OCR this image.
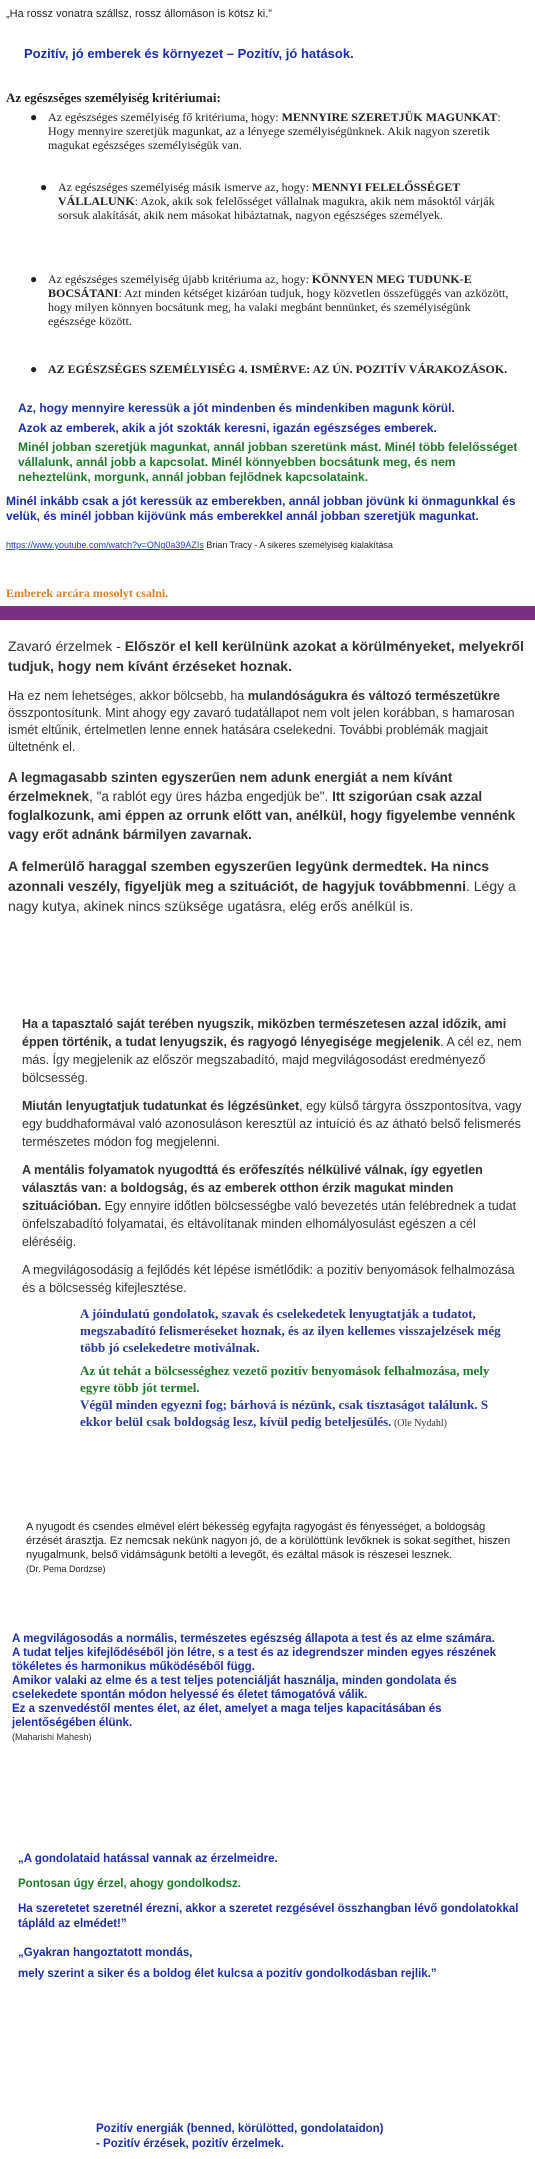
„Ha rossz vonatra szállsz, rossz állomáson is kötsz ki.”
Pozitív, jó emberek és környezet – Pozitív, jó hatások.
Az egészséges személyiség kritériumai:
● Az egészséges személyiség fő kritériuma, hogy: MENNYIRE SZERETJÜK MAGUNKAT: Hogy mennyire szeretjük magunkat, az a lényege személyiségünknek. Akik nagyon szeretik magukat egészséges személyiségük van.
● Az egészséges személyiség másik ismerve az, hogy: MENNYI FELELŐSSÉGET VÁLLALUNK: Azok, akik sok felelősséget vállalnak magukra, akik nem másoktól várják sorsuk alakítását, akik nem másokat hibáztatnak, nagyon egészséges személyek.
● Az egészséges személyiség újabb kritériuma az, hogy: KÖNNYEN MEG TUDUNK-E BOCSÁTANI: Azt minden kétséget kizáróan tudjuk, hogy közvetlen összefüggés van azközött, hogy milyen könnyen bocsátunk meg, ha valaki megbánt bennünket, és személyiségünk egészsége között.
● AZ EGÉSZSÉGES SZEMÉLYISÉG 4. ISMÉRVE: AZ ÚN. POZITÍV VÁRAKOZÁSOK.

Az, hogy mennyire keressük a jót mindenben és mindenkiben magunk körül.

Azok az emberek, akik a jót szokták keresni, igazán egészséges emberek.

Minél jobban szeretjük magunkat, annál jobban szeretünk mást. Minél több felelősséget vállalunk, annál jobb a kapcsolat. Minél könnyebben bocsátunk meg, és nem neheztelünk, morgunk, annál jobban fejlődnek kapcsolataink.
Minél inkább csak a jót keressük az emberekben, annál jobban jövünk ki önmagunkkal és velük, és minél jobban kijövünk más emberekkel annál jobban szeretjük magunkat.
https://www.youtube.com/watch?v=ONg0a39AZIs Brian Tracy - A sikeres személyiség kialakítása
Emberek arcára mosolyt csalni.

Zavaró érzelmek - Először el kell kerülnünk azokat a körülményeket, melyekről tudjuk, hogy nem kívánt érzéseket hoznak.

Ha ez nem lehetséges, akkor bölcsebb, ha mulandóságukra és változó természetükre összpontosítunk. Mint ahogy egy zavaró tudatállapot nem volt jelen korábban, s hamarosan ismét eltűnik, értelmetlen lenne ennek hatására cselekedni. További problémák magjait ültetnénk el.

A legmagasabb szinten egyszerűen nem adunk energiát a nem kívánt érzelmeknek, "a rablót egy üres házba engedjük be". Itt szigorúan csak azzal foglalkozunk, ami éppen az orrunk előtt van, anélkül, hogy figyelembe vennénk vagy erőt adnánk bármilyen zavarnak.

A felmerülő haraggal szemben egyszerűen legyünk dermedtek. Ha nincs azonnali veszély, figyeljük meg a szituációt, de hagyjuk továbbmenni. Légy a nagy kutya, akinek nincs szüksége ugatásra, elég erős anélkül is.

Ha a tapasztaló saját terében nyugszik, miközben természetesen azzal időzik, ami éppen történik, a tudat lenyugszik, és ragyogó lényegisége megjelenik. A cél ez, nem más. Így megjelenik az először megszabadító, majd megvilágosodást eredményező bölcsesség.

Miután lenyugtatjuk tudatunkat és légzésünket, egy külső tárgyra összpontosítva, vagy egy buddhaformával való azonosuláson keresztül az intuíció és az átható belső felismerés természetes módon fog megjelenni.

A mentális folyamatok nyugodttá és erőfeszítés nélkülivé válnak, így egyetlen választás van: a boldogság, és az emberek otthon érzik magukat minden szituációban. Egy ennyire időtlen bölcsességbe való bevezetés után felébrednek a tudat önfelszabadító folyamatai, és eltávolítanak minden elhomályosulást egészen a cél eléréséig.

A megvilágosodásig a fejlődés két lépése ismétlődik: a pozitív benyomások felhalmozása és a bölcsesség kifejlesztése.

A jóindulatú gondolatok, szavak és cselekedetek lenyugtatják a tudatot, megszabadító felismeréseket hoznak, és az ilyen kellemes visszajelzések még több jó cselekedetre motiválnak.

Az út tehát a bölcsességhez vezető pozitív benyomások felhalmozása, mely egyre több jót termel.

Végül minden egyezni fog; bárhová is nézünk, csak tisztaságot találunk. S ekkor belül csak boldogság lesz, kívül pedig beteljesülés. (Ole Nydahl)

A nyugodt és csendes elmével elért békesség egyfajta ragyogást és fényességet, a boldogság érzését árasztja. Ez nemcsak nekünk nagyon jó, de a körülöttünk levőknek is sokat segíthet, hiszen nyugalmunk, belső vidámságunk betölti a levegőt, és ezáltal mások is részesei lesznek.

(Dr. Pema Dordzse)

A megvilágosodás a normális, természetes egészség állapota a test és az elme számára.
A tudat teljes kifejlődéséből jön létre, s a test és az idegrendszer minden egyes részének tökéletes és harmonikus működéséből függ.
Amikor valaki az elme és a test teljes potenciálját használja, minden gondolata és cselekedete spontán módon helyessé és életet támogatóvá válik.
Ez a szenvedéstől mentes élet, az élet, amelyet a maga teljes kapacitásában és jelentőségében élünk.

(Maharishi Mahesh)

„A gondolataid hatással vannak az érzelmeidre.

Pontosan úgy érzel, ahogy gondolkodsz.

Ha szeretetet szeretnél érezni, akkor a szeretet rezgésével összhangban lévő gondolatokkal tápláld az elmédet!”

„Gyakran hangoztatott mondás,

mely szerint a siker és a boldog élet kulcsa a pozitív gondolkodásban rejlik.”

Pozitív energiák (benned, körülötted, gondolataidon)

- Pozitív érzések, pozitív érzelmek.
